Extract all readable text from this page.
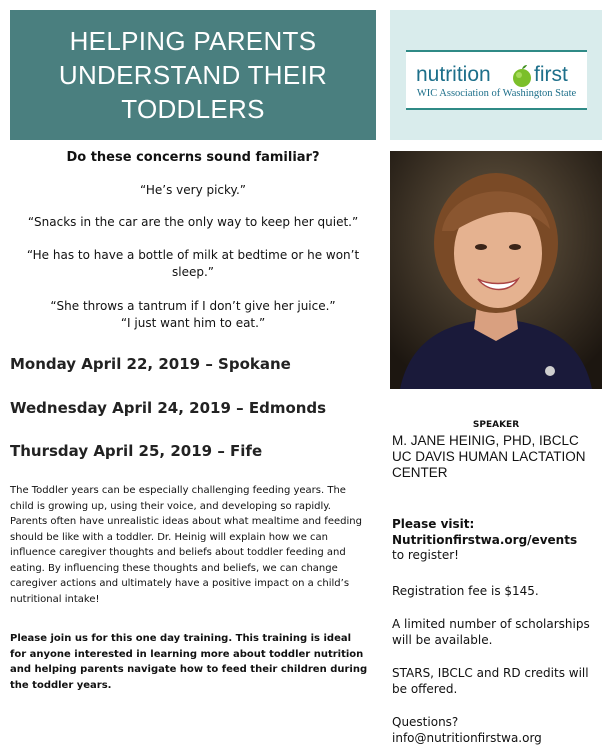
HELPING PARENTS
UNDERSTAND THEIR
TODDLERS
nutrition first
WIC Association of Washington State
Do these concerns sound familiar?
“He’s very picky.”
“Snacks in the car are the only way to keep her quiet.”
“He has to have a bottle of milk at bedtime or he won’t sleep.”
“She throws a tantrum if I don’t give her juice.”
“I just want him to eat.”
Monday April 22, 2019 – Spokane
Wednesday April 24, 2019 – Edmonds
Thursday April 25, 2019 – Fife
The Toddler years can be especially challenging feeding years. The child is growing up, using their voice, and developing so rapidly. Parents often have unrealistic ideas about what mealtime and feeding should be like with a toddler. Dr. Heinig will explain how we can influence caregiver thoughts and beliefs about toddler feeding and eating. By influencing these thoughts and beliefs, we can change caregiver actions and ultimately have a positive impact on a child’s nutritional intake!
Please join us for this one day training. This training is ideal for anyone interested in learning more about toddler nutrition and helping parents navigate how to feed their children during the toddler years.
SPEAKER
M. JANE HEINIG, PHD, IBCLC
UC DAVIS HUMAN LACTATION CENTER
Please visit:
Nutritionfirstwa.org/events
to register!
Registration fee is $145.
A limited number of scholarships will be available.
STARS, IBCLC and RD credits will be offered.
Questions?
info@nutritionfirstwa.org
